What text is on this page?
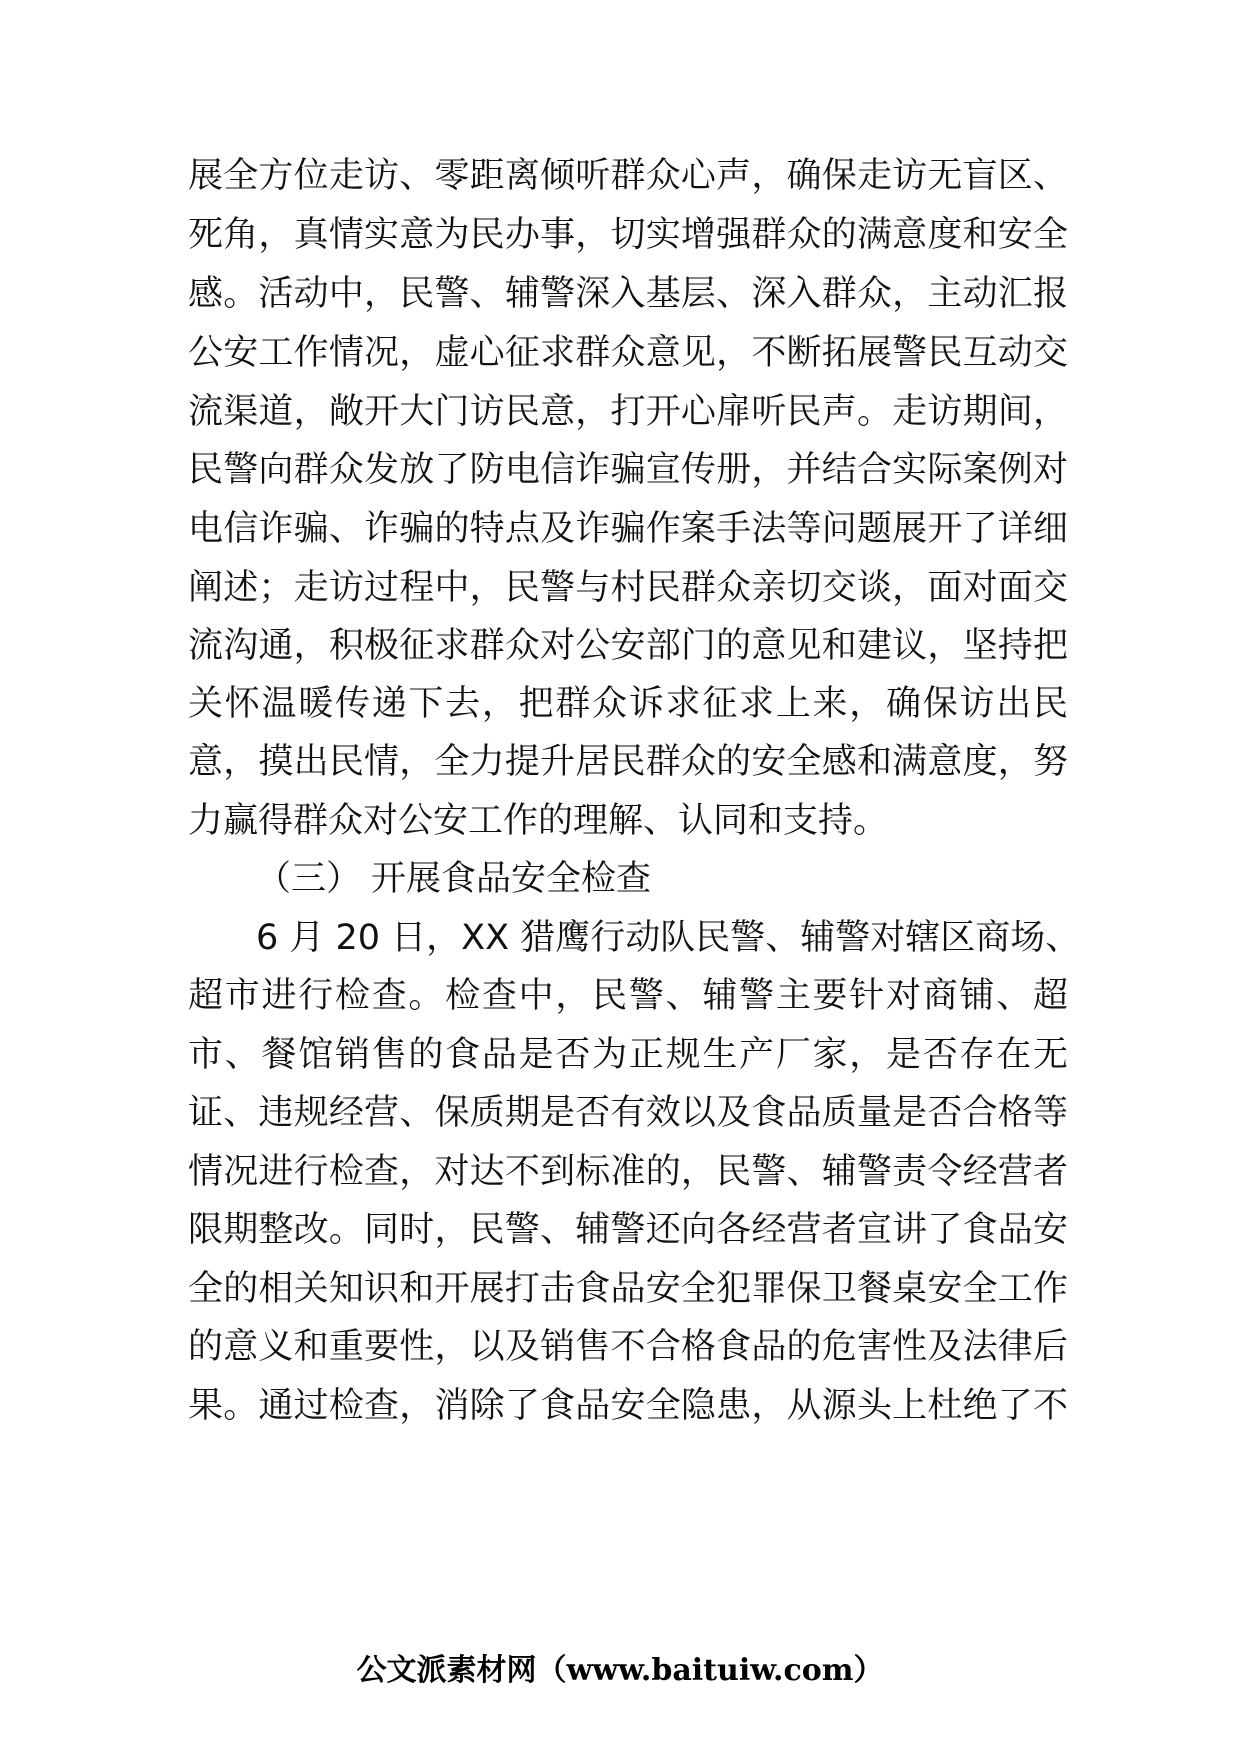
展全方位走访、零距离倾听群众心声，确保走访无盲区、
死角，真情实意为民办事，切实增强群众的满意度和安全
感。活动中，民警、辅警深入基层、深入群众，主动汇报
公安工作情况，虚心征求群众意见，不断拓展警民互动交
流渠道，敞开大门访民意，打开心扉听民声。走访期间，
民警向群众发放了防电信诈骗宣传册，并结合实际案例对
电信诈骗、诈骗的特点及诈骗作案手法等问题展开了详细
阐述；走访过程中，民警与村民群众亲切交谈，面对面交
流沟通，积极征求群众对公安部门的意见和建议，坚持把
关怀温暖传递下去，把群众诉求征求上来，确保访出民
意，摸出民情，全力提升居民群众的安全感和满意度，努
力赢得群众对公安工作的理解、认同和支持。
（三） 开展食品安全检查
6 月 20 日，XX 猎鹰行动队民警、辅警对辖区商场、
超市进行检查。检查中，民警、辅警主要针对商铺、超
市、餐馆销售的食品是否为正规生产厂家，是否存在无
证、违规经营、保质期是否有效以及食品质量是否合格等
情况进行检查，对达不到标准的，民警、辅警责令经营者
限期整改。同时，民警、辅警还向各经营者宣讲了食品安
全的相关知识和开展打击食品安全犯罪保卫餐桌安全工作
的意义和重要性，以及销售不合格食品的危害性及法律后
果。通过检查，消除了食品安全隐患，从源头上杜绝了不
公文派素材网（www.baituiw.com）
